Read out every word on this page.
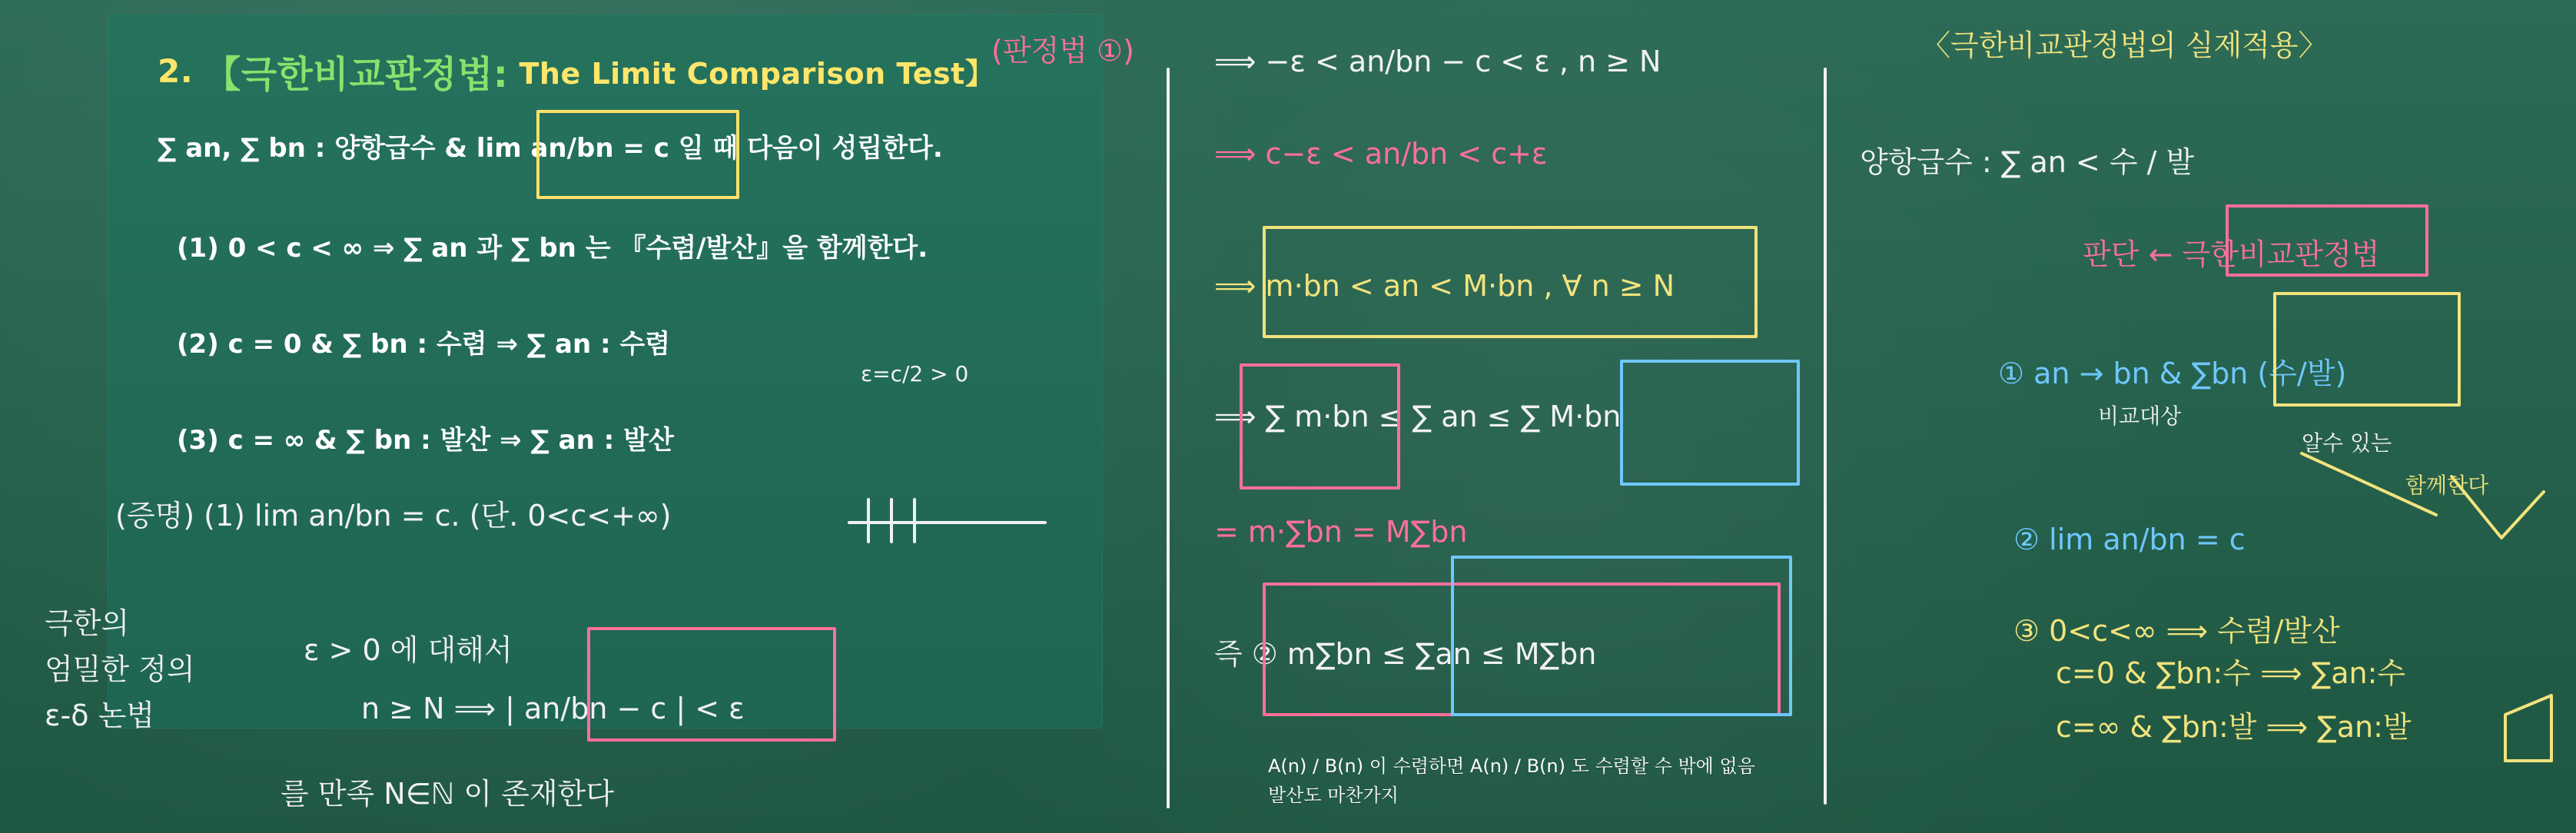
2. 【극한비교판정법: The Limit Comparison Test】
∑ an, ∑ bn : 양항급수 & lim an/bn = c 일 때 다음이 성립한다.
(1) 0 < c < ∞ ⇒ ∑ an 과 ∑ bn 는 『수렴/발산』을 함께한다.
(2) c = 0 & ∑ bn : 수렴 ⇒ ∑ an : 수렴
(3) c = ∞ & ∑ bn : 발산 ⇒ ∑ an : 발산
(판정법 ①)
(증명) (1) lim an/bn = c. (단. 0<c<+∞)
ε=c/2 > 0
ε > 0 에 대해서
n ≥ N ⟹ | an/bn − c | < ε
를 만족 N∈ℕ 이 존재한다
극한의
엄밀한 정의
ε-δ 논법
⟹ −ε < an/bn − c < ε , n ≥ N
⟹ c−ε < an/bn < c+ε
⟹ m·bn < an < M·bn , ∀ n ≥ N
⟹ ∑ m·bn ≤ ∑ an ≤ ∑ M·bn
= m·∑bn = M∑bn
즉 ② m∑bn ≤ ∑an ≤ M∑bn
〈극한비교판정법의 실제적용〉
양항급수 : ∑ an < 수 / 발
판단 ← 극한비교판정법
① an → bn & ∑bn (수/발)
비교대상
알수 있는
② lim an/bn = c
③ 0<c<∞ ⟹ 수렴/발산
c=0 & ∑bn:수 ⟹ ∑an:수
c=∞ & ∑bn:발 ⟹ ∑an:발
함께한다
A(n) / B(n) 이 수렴하면 A(n) / B(n) 도 수렴할 수 밖에 없음
발산도 마찬가지
